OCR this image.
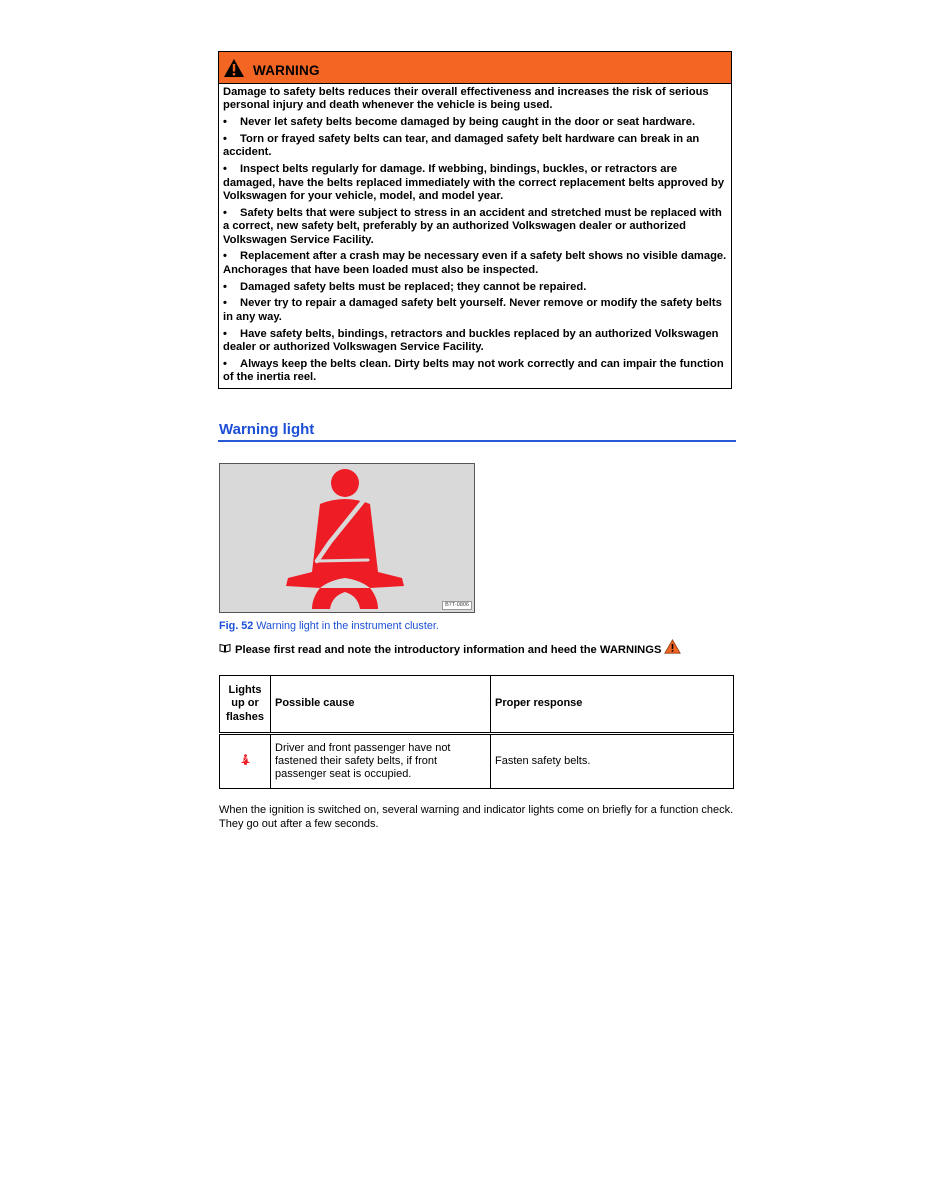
WARNING

Damage to safety belts reduces their overall effectiveness and increases the risk of serious personal injury and death whenever the vehicle is being used.

• Never let safety belts become damaged by being caught in the door or seat hardware.

• Torn or frayed safety belts can tear, and damaged safety belt hardware can break in an accident.

• Inspect belts regularly for damage. If webbing, bindings, buckles, or retractors are damaged, have the belts replaced immediately with the correct replacement belts approved by Volkswagen for your vehicle, model, and model year.

• Safety belts that were subject to stress in an accident and stretched must be replaced with a correct, new safety belt, preferably by an authorized Volkswagen dealer or authorized Volkswagen Service Facility.

• Replacement after a crash may be necessary even if a safety belt shows no visible damage. Anchorages that have been loaded must also be inspected.

• Damaged safety belts must be replaced; they cannot be repaired.

• Never try to repair a damaged safety belt yourself. Never remove or modify the safety belts in any way.

• Have safety belts, bindings, retractors and buckles replaced by an authorized Volkswagen dealer or authorized Volkswagen Service Facility.

• Always keep the belts clean. Dirty belts may not work correctly and can impair the function of the inertia reel.

Warning light
B7T-0806
Fig. 52 Warning light in the instrument cluster.
Please first read and note the introductory information and heed the WARNINGS
Lights up or flashes	Possible cause	Proper response
	Driver and front passenger have not fastened their safety belts, if front passenger seat is occupied.	Fasten safety belts.
When the ignition is switched on, several warning and indicator lights come on briefly for a function check. They go out after a few seconds.
